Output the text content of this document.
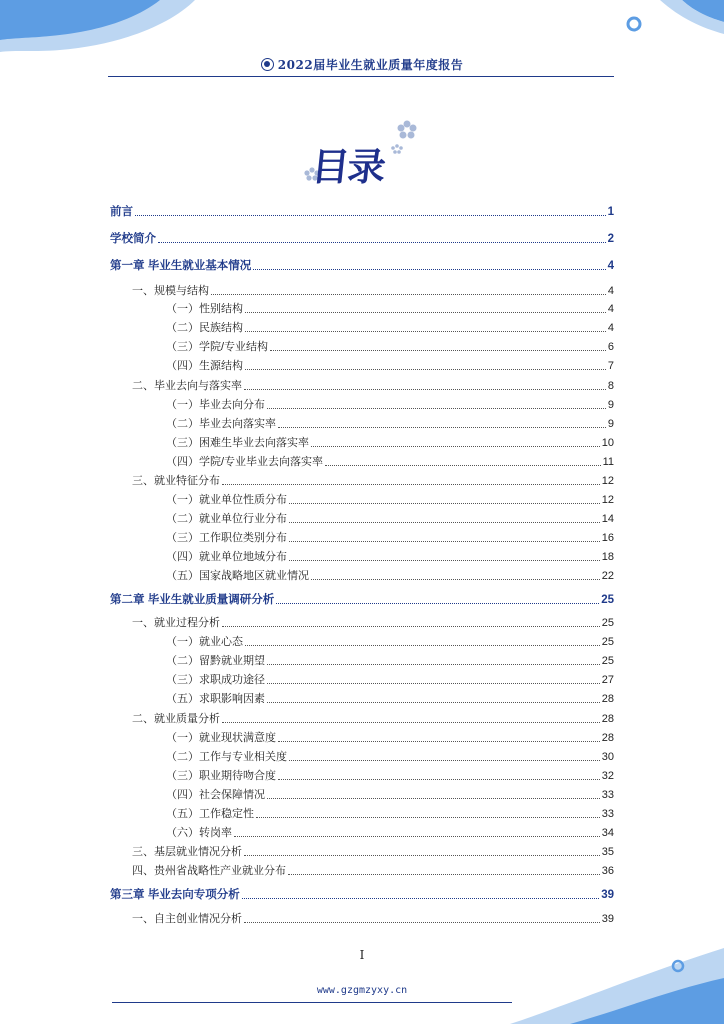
2022届毕业生就业质量年度报告
目录
前言	1
学校简介	2
第一章 毕业生就业基本情况	4
一、规模与结构	4
（一）性别结构	4
（二）民族结构	4
（三）学院/专业结构	6
（四）生源结构	7
二、毕业去向与落实率	8
（一）毕业去向分布	9
（二）毕业去向落实率	9
（三）困难生毕业去向落实率	10
（四）学院/专业毕业去向落实率	11
三、就业特征分布	12
（一）就业单位性质分布	12
（二）就业单位行业分布	14
（三）工作职位类别分布	16
（四）就业单位地域分布	18
（五）国家战略地区就业情况	22
第二章 毕业生就业质量调研分析	25
一、就业过程分析	25
（一）就业心态	25
（二）留黔就业期望	25
（三）求职成功途径	27
（五）求职影响因素	28
二、就业质量分析	28
（一）就业现状满意度	28
（二）工作与专业相关度	30
（三）职业期待吻合度	32
（四）社会保障情况	33
（五）工作稳定性	33
（六）转岗率	34
三、基层就业情况分析	35
四、贵州省战略性产业就业分布	36
第三章 毕业去向专项分析	39
一、自主创业情况分析	39
I
www.gzgmzyxy.cn
